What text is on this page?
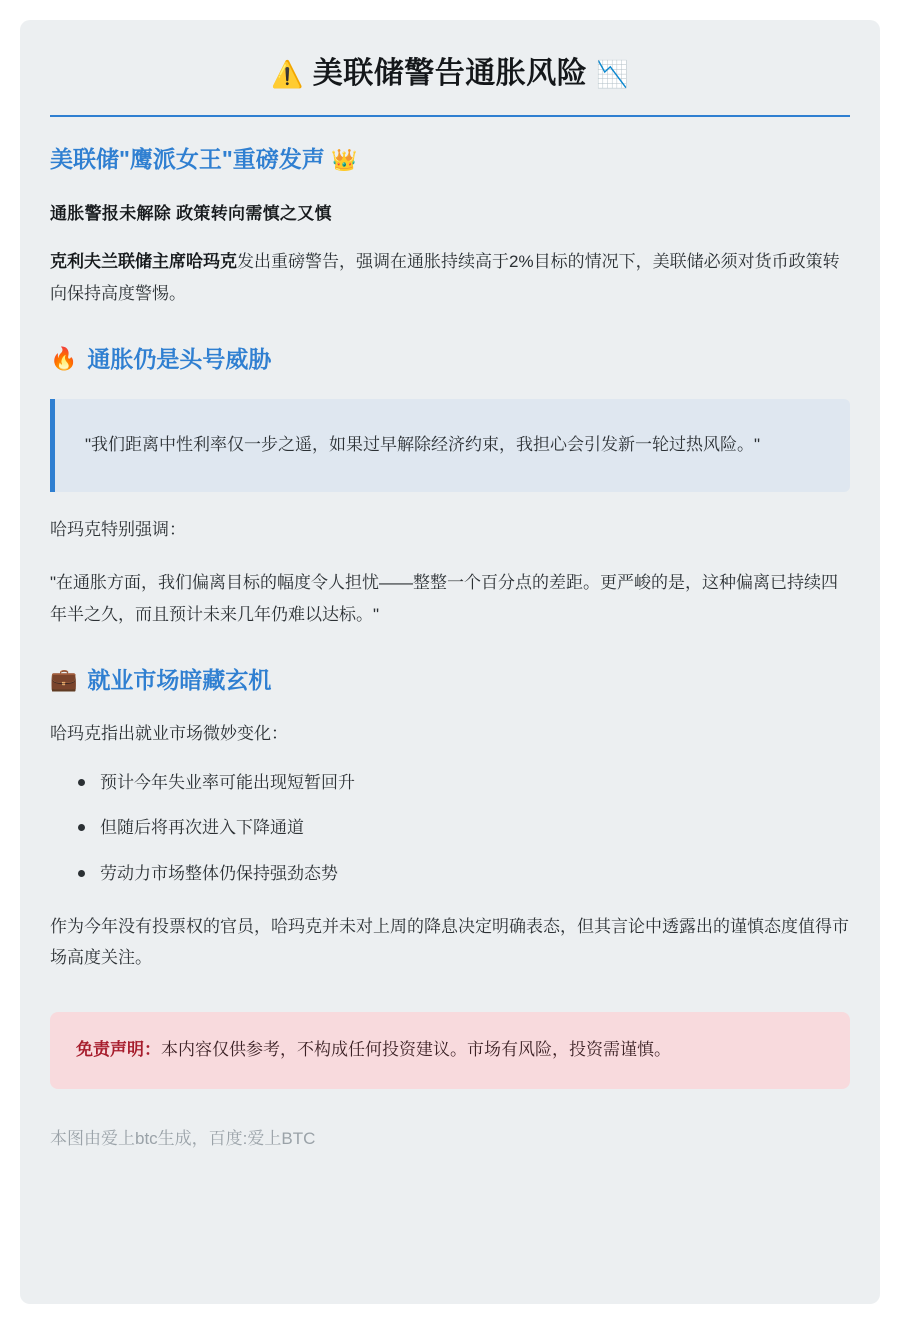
⚠️ 美联储警告通胀风险 📉
美联储"鹰派女王"重磅发声 👑
通胀警报未解除 政策转向需慎之又慎

克利夫兰联储主席哈玛克发出重磅警告，强调在通胀持续高于2%目标的情况下，美联储必须对货币政策转向保持高度警惕。

🔥 通胀仍是头号威胁
"我们距离中性利率仅一步之遥，如果过早解除经济约束，我担心会引发新一轮过热风险。"

哈玛克特别强调：

"在通胀方面，我们偏离目标的幅度令人担忧——整整一个百分点的差距。更严峻的是，这种偏离已持续四年半之久，而且预计未来几年仍难以达标。"

💼 就业市场暗藏玄机

哈玛克指出就业市场微妙变化：

预计今年失业率可能出现短暂回升
但随后将再次进入下降通道
劳动力市场整体仍保持强劲态势

作为今年没有投票权的官员，哈玛克并未对上周的降息决定明确表态，但其言论中透露出的谨慎态度值得市场高度关注。

免责声明：本内容仅供参考，不构成任何投资建议。市场有风险，投资需谨慎。
本图由爱上btc生成，百度:爱上BTC
